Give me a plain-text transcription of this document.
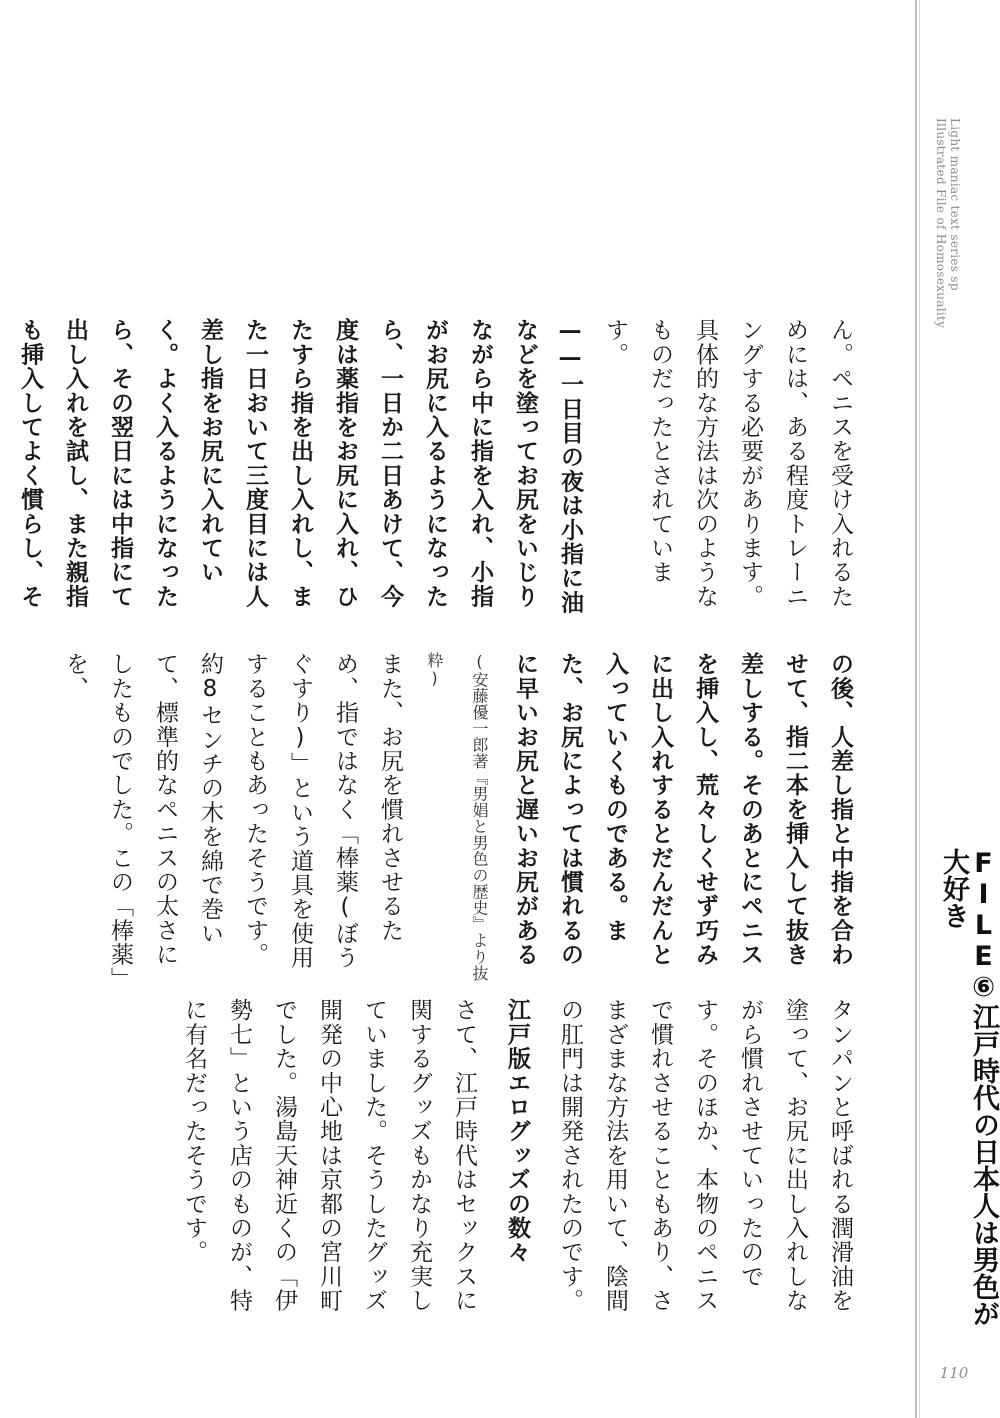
Light maniac text series sp
Illustrated File of Homosexuality
FILE⑥江戸時代の日本人は男色が大好き
110

ん。ペニスを受け入れるためには、ある程度トレーニングする必要があります。具体的な方法は次のようなものだったとされています。

——一日目の夜は小指に油などを塗ってお尻をいじりながら中に指を入れ、小指がお尻に入るようになったら、一日か二日あけて、今度は薬指をお尻に入れ、ひたすら指を出し入れし、また一日おいて三度目には人差し指をお尻に入れていく。よく入るようになったら、その翌日には中指にて出し入れを試し、また親指も挿入してよく慣らし、そ

の後、人差し指と中指を合わせて、指二本を挿入して抜き差しする。そのあとにペニスを挿入し、荒々しくせず巧みに出し入れするとだんだんと入っていくものである。また、お尻によっては慣れるのに早いお尻と遅いお尻がある

(安藤優一郎著『男娼と男色の歴史』より抜粋)

また、お尻を慣れさせるため、指ではなく「棒薬(ぼうぐすり)」という道具を使用することもあったそうです。約8センチの木を綿で巻いて、標準的なペニスの太さにしたものでした。この「棒薬」を、

タンパンと呼ばれる潤滑油を塗って、お尻に出し入れしながら慣れさせていったのです。そのほか、本物のペニスで慣れさせることもあり、さまざまな方法を用いて、陰間の肛門は開発されたのです。

江戸版エログッズの数々

さて、江戸時代はセックスに関するグッズもかなり充実していました。そうしたグッズ開発の中心地は京都の宮川町でした。湯島天神近くの「伊勢七」という店のものが、特に有名だったそうです。
